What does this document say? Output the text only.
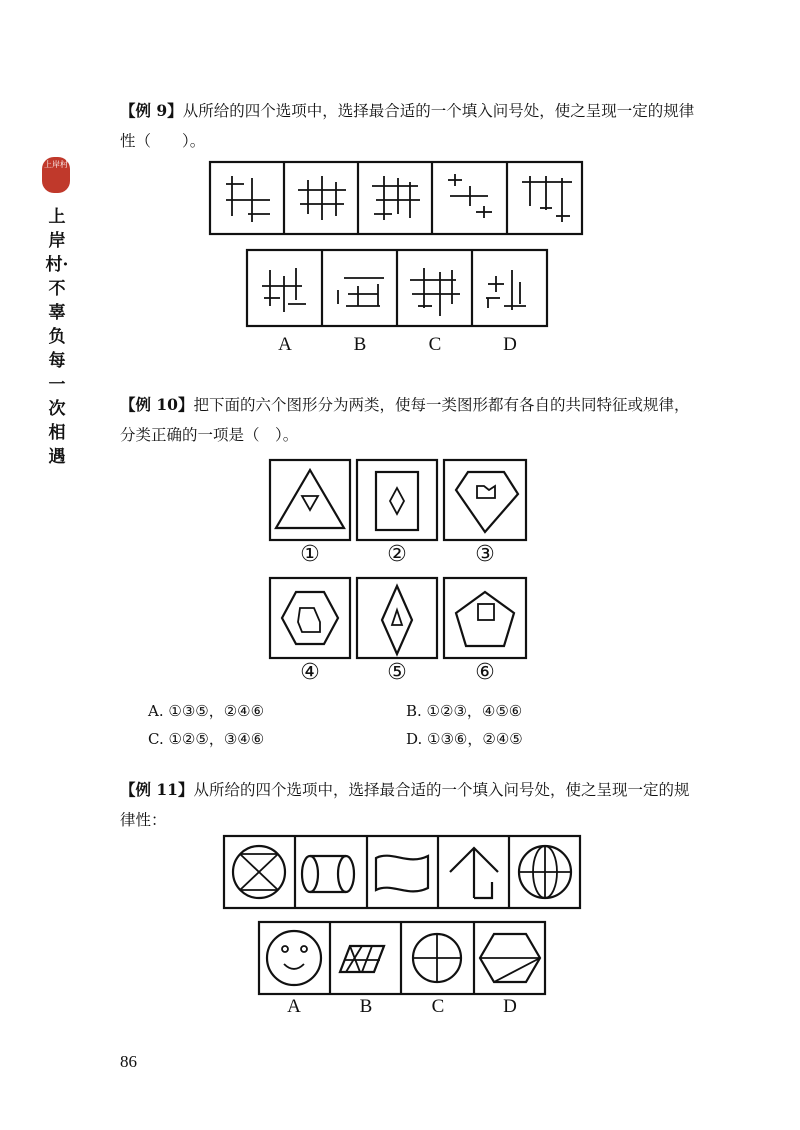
上岸村
上岸村·不辜负每一次相遇
【例 9】从所给的四个选项中，选择最合适的一个填入问号处，使之呈现一定的规律性（　　）。
A	B	C	D
【例 10】把下面的六个图形分为两类，使每一类图形都有各自的共同特征或规律，分类正确的一项是（　）。
①	②	③
④	⑤	⑥
A. ①③⑤，②④⑥	B. ①②③，④⑤⑥
C. ①②⑤，③④⑥	D. ①③⑥，②④⑤
【例 11】从所给的四个选项中，选择最合适的一个填入问号处，使之呈现一定的规律性：
A	B	C	D
86
